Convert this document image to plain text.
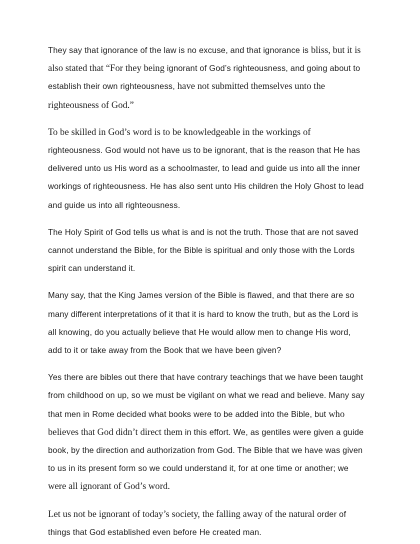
They say that ignorance of the law is no excuse, and that ignorance is bliss, but it is also stated that “For they being ignorant of God’s righteousness, and going about to establish their own righteousness, have not submitted themselves unto the righteousness of God.”

To be skilled in God’s word is to be knowledgeable in the workings of righteousness. God would not have us to be ignorant, that is the reason that He has delivered unto us His word as a schoolmaster, to lead and guide us into all the inner workings of righteousness. He has also sent unto His children the Holy Ghost to lead and guide us into all righteousness.

The Holy Spirit of God tells us what is and is not the truth. Those that are not saved cannot understand the Bible, for the Bible is spiritual and only those with the Lords spirit can understand it.

Many say, that the King James version of the Bible is flawed, and that there are so many different interpretations of it that it is hard to know the truth, but as the Lord is all knowing, do you actually believe that He would allow men to change His word, add to it or take away from the Book that we have been given?

Yes there are bibles out there that have contrary teachings that we have been taught from childhood on up, so we must be vigilant on what we read and believe. Many say that men in Rome decided what books were to be added into the Bible, but who believes that God didn’t direct them in this effort. We, as gentiles were given a guide book, by the direction and authorization from God. The Bible that we have was given to us in its present form so we could understand it, for at one time or another; we were all ignorant of God’s word.

Let us not be ignorant of today’s society, the falling away of the natural order of things that God established even before He created man.
